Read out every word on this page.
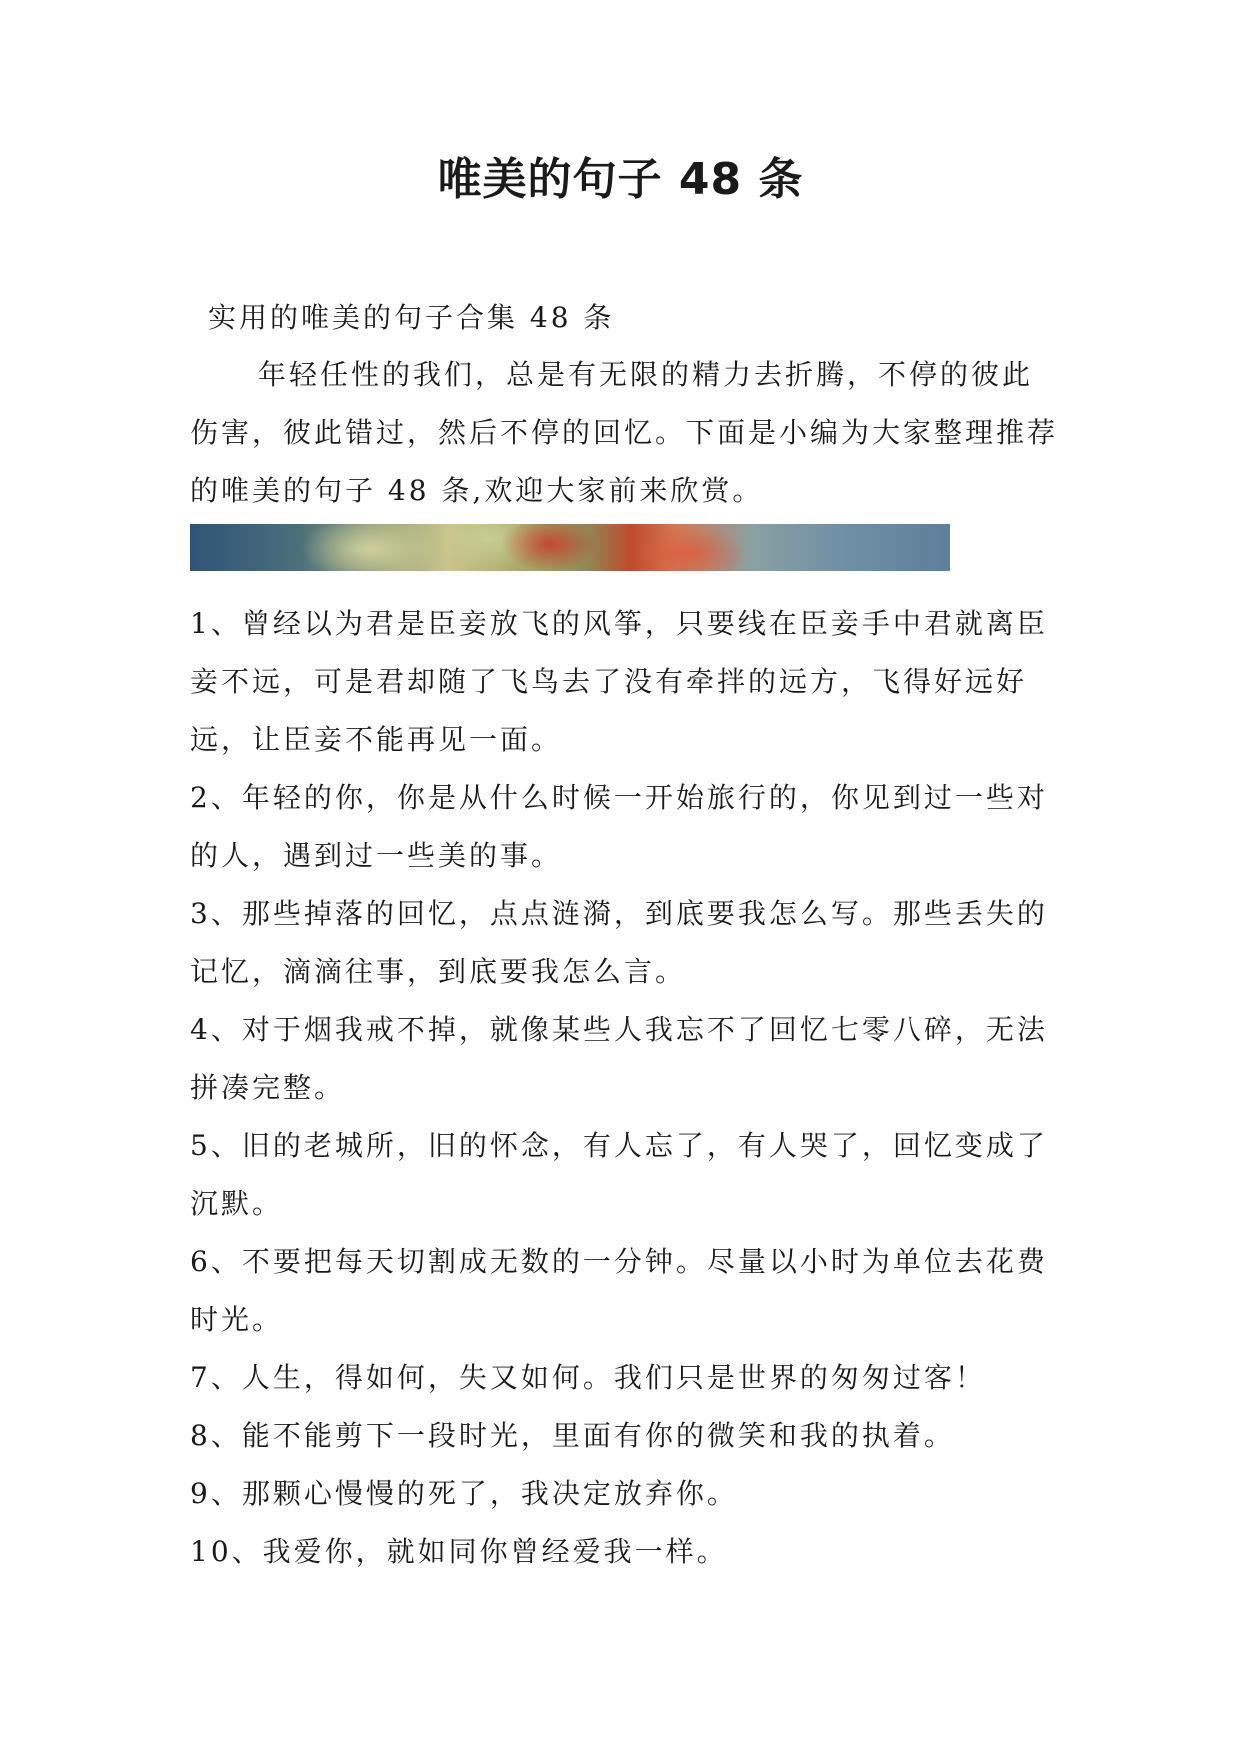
唯美的句子 48 条

实用的唯美的句子合集 48 条

年轻任性的我们，总是有无限的精力去折腾，不停的彼此伤害，彼此错过，然后不停的回忆。下面是小编为大家整理推荐的唯美的句子 48 条,欢迎大家前来欣赏。

1、曾经以为君是臣妾放飞的风筝，只要线在臣妾手中君就离臣妾不远，可是君却随了飞鸟去了没有牵拌的远方，飞得好远好远，让臣妾不能再见一面。

2、年轻的你，你是从什么时候一开始旅行的，你见到过一些对的人，遇到过一些美的事。

3、那些掉落的回忆，点点涟漪，到底要我怎么写。那些丢失的记忆，滴滴往事，到底要我怎么言。

4、对于烟我戒不掉，就像某些人我忘不了回忆七零八碎，无法拼凑完整。

5、旧的老城所，旧的怀念，有人忘了，有人哭了，回忆变成了沉默。

6、不要把每天切割成无数的一分钟。尽量以小时为单位去花费时光。

7、人生，得如何，失又如何。我们只是世界的匆匆过客！

8、能不能剪下一段时光，里面有你的微笑和我的执着。

9、那颗心慢慢的死了，我决定放弃你。

10、我爱你，就如同你曾经爱我一样。
